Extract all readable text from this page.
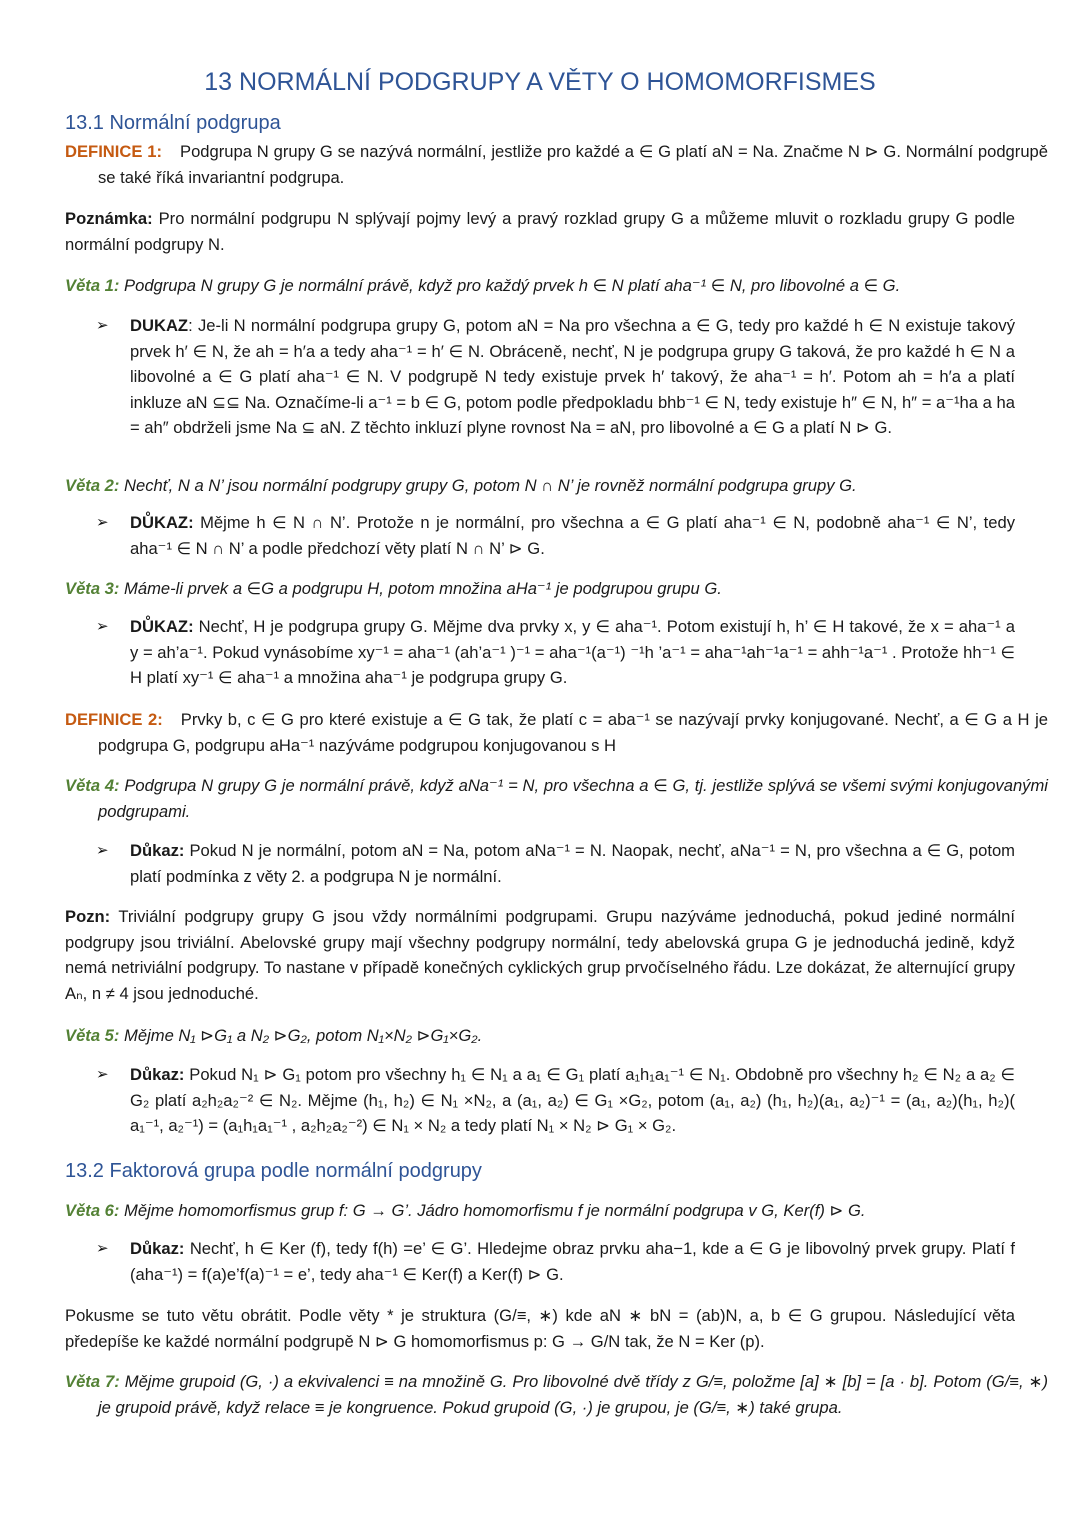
13 NORMÁLNÍ PODGRUPY A VĚTY O HOMOMORFISMES
13.1 Normální podgrupa
DEFINICE 1: Podgrupa N grupy G se nazývá normální, jestliže pro každé a ∈ G platí aN = Na. Značme N ⊳ G. Normální podgrupě se také říká invariantní podgrupa.
Poznámka: Pro normální podgrupu N splývají pojmy levý a pravý rozklad grupy G a můžeme mluvit o rozkladu grupy G podle normální podgrupy N.
Věta 1: Podgrupa N grupy G je normální právě, když pro každý prvek h ∈ N platí aha⁻¹ ∈ N, pro libovolné a ∈ G.
➢ DUKAZ: Je-li N normální podgrupa grupy G, potom aN = Na pro všechna a ∈ G, tedy pro každé h ∈ N existuje takový prvek h′ ∈ N, že ah = h′a a tedy aha⁻¹ = h′ ∈ N. Obráceně, nechť, N je podgrupa grupy G taková, že pro každé h ∈ N a libovolné a ∈ G platí aha⁻¹ ∈ N. V podgrupě N tedy existuje prvek h′ takový, že aha⁻¹ = h′. Potom ah = h′a a platí inkluze aN ⊆⊆ Na. Označíme-li a⁻¹ = b ∈ G, potom podle předpokladu bhb⁻¹ ∈ N, tedy existuje h″ ∈ N, h″ = a⁻¹ha a ha = ah″ obdrželi jsme Na ⊆ aN. Z těchto inkluzí plyne rovnost Na = aN, pro libovolné a ∈ G a platí N ⊳ G.
Věta 2: Nechť, N a N’ jsou normální podgrupy grupy G, potom N ∩ N’ je rovněž normální podgrupa grupy G.
➢ DŮKAZ: Mějme h ∈ N ∩ N’. Protože n je normální, pro všechna a ∈ G platí aha⁻¹ ∈ N, podobně aha⁻¹ ∈ N’, tedy aha⁻¹ ∈ N ∩ N’ a podle předchozí věty platí N ∩ N’ ⊳ G.
Věta 3: Máme-li prvek a ∈G a podgrupu H, potom množina aHa⁻¹ je podgrupou grupu G.
➢ DŮKAZ: Nechť, H je podgrupa grupy G. Mějme dva prvky x, y ∈ aha⁻¹. Potom existují h, h’ ∈ H takové, že x = aha⁻¹ a y = ah’a⁻¹. Pokud vynásobíme xy⁻¹ = aha⁻¹ (ah’a⁻¹ )⁻¹ = aha⁻¹(a⁻¹) ⁻¹h ’a⁻¹ = aha⁻¹ah⁻¹a⁻¹ = ahh⁻¹a⁻¹ . Protože hh⁻¹ ∈ H platí xy⁻¹ ∈ aha⁻¹ a množina aha⁻¹ je podgrupa grupy G.
DEFINICE 2: Prvky b, c ∈ G pro které existuje a ∈ G tak, že platí c = aba⁻¹ se nazývají prvky konjugované. Nechť, a ∈ G a H je podgrupa G, podgrupu aHa⁻¹ nazýváme podgrupou konjugovanou s H
Věta 4: Podgrupa N grupy G je normální právě, když aNa⁻¹ = N, pro všechna a ∈ G, tj. jestliže splývá se všemi svými konjugovanými podgrupami.
➢ Důkaz: Pokud N je normální, potom aN = Na, potom aNa⁻¹ = N. Naopak, nechť, aNa⁻¹ = N, pro všechna a ∈ G, potom platí podmínka z věty 2. a podgrupa N je normální.
Pozn: Triviální podgrupy grupy G jsou vždy normálními podgrupami. Grupu nazýváme jednoduchá, pokud jediné normální podgrupy jsou triviální. Abelovské grupy mají všechny podgrupy normální, tedy abelovská grupa G je jednoduchá jedině, když nemá netriviální podgrupy. To nastane v případě konečných cyklických grup prvočíselného řádu. Lze dokázat, že alternující grupy Aₙ, n ≠ 4 jsou jednoduché.
Věta 5: Mějme N₁ ⊳G₁ a N₂ ⊳G₂, potom N₁×N₂ ⊳G₁×G₂.
➢ Důkaz: Pokud N₁ ⊳ G₁ potom pro všechny h₁ ∈ N₁ a a₁ ∈ G₁ platí a₁h₁a₁⁻¹ ∈ N₁. Obdobně pro všechny h₂ ∈ N₂ a a₂ ∈ G₂ platí a₂h₂a₂⁻² ∈ N₂. Mějme (h₁, h₂) ∈ N₁ ×N₂, a (a₁, a₂) ∈ G₁ ×G₂, potom (a₁, a₂) (h₁, h₂)(a₁, a₂)⁻¹ = (a₁, a₂)(h₁, h₂)( a₁⁻¹, a₂⁻¹) = (a₁h₁a₁⁻¹ , a₂h₂a₂⁻²) ∈ N₁ × N₂ a tedy platí N₁ × N₂ ⊳ G₁ × G₂.
13.2 Faktorová grupa podle normální podgrupy
Věta 6: Mějme homomorfismus grup f: G → G’. Jádro homomorfismu f je normální podgrupa v G, Ker(f) ⊳ G.
➢ Důkaz: Nechť, h ∈ Ker (f), tedy f(h) =e’ ∈ G’. Hledejme obraz prvku aha−1, kde a ∈ G je libovolný prvek grupy. Platí f (aha⁻¹) = f(a)e’f(a)⁻¹ = e’, tedy aha⁻¹ ∈ Ker(f) a Ker(f) ⊳ G.
Pokusme se tuto větu obrátit. Podle věty * je struktura (G/≡, ∗) kde aN ∗ bN = (ab)N, a, b ∈ G grupou. Následující věta předepíše ke každé normální podgrupě N ⊳ G homomorfismus p: G → G/N tak, že N = Ker (p).
Věta 7: Mějme grupoid (G, ·) a ekvivalenci ≡ na množině G. Pro libovolné dvě třídy z G/≡, položme [a] ∗ [b] = [a · b]. Potom (G/≡, ∗) je grupoid právě, když relace ≡ je kongruence. Pokud grupoid (G, ·) je grupou, je (G/≡, ∗) také grupa.
